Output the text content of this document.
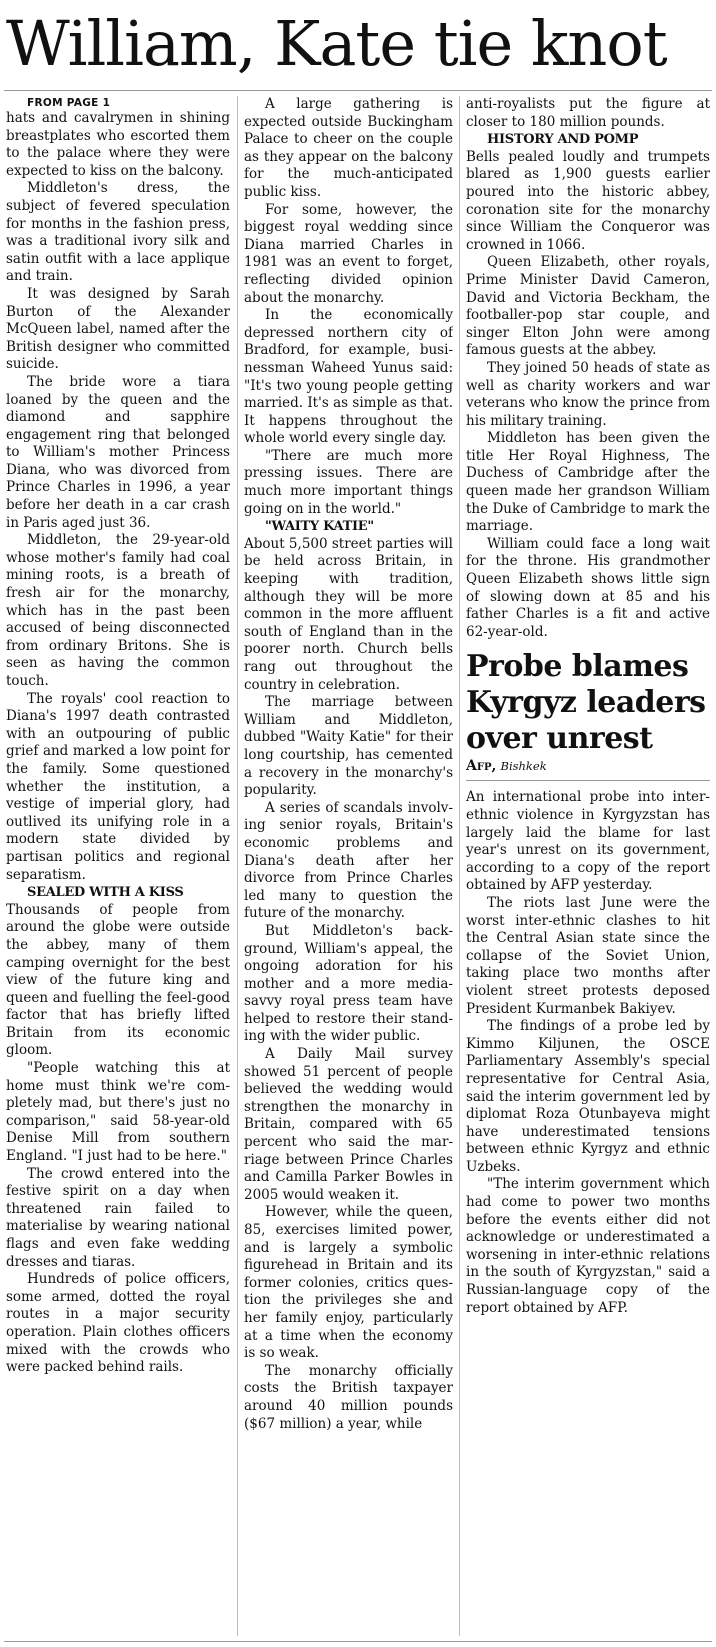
William, Kate tie knot

FROM PAGE 1

hats and cavalrymen in shining breastplates who escorted them to the palace where they were expected to kiss on the balcony.

Middleton's dress, the subject of fevered speculation for months in the fashion press, was a traditional ivory silk and satin outfit with a lace applique and train.

It was designed by Sarah Burton of the Alexander McQueen label, named after the British designer who committed suicide.

The bride wore a tiara loaned by the queen and the diamond and sapphire engagement ring that belonged to William's mother Princess Diana, who was divorced from Prince Charles in 1996, a year before her death in a car crash in Paris aged just 36.

Middleton, the 29-year-old whose mother's family had coal mining roots, is a breath of fresh air for the monarchy, which has in the past been accused of being disconnected from ordinary Britons. She is seen as having the common touch.

The royals' cool reaction to Diana's 1997 death contrasted with an outpouring of public grief and marked a low point for the family. Some questioned whether the institution, a vestige of imperial glory, had outlived its unifying role in a modern state divided by partisan politics and regional separatism.

SEALED WITH A KISS

Thousands of people from around the globe were outside the abbey, many of them camping overnight for the best view of the future king and queen and fuelling the feel-good factor that has briefly lifted Britain from its economic gloom.

"People watching this at home must think we're completely mad, but there's just no comparison," said 58-year-old Denise Mill from southern England. "I just had to be here."

The crowd entered into the festive spirit on a day when threatened rain failed to materialise by wearing national flags and even fake wedding dresses and tiaras.

Hundreds of police officers, some armed, dotted the royal routes in a major security operation. Plain clothes officers mixed with the crowds who were packed behind rails.

A large gathering is expected outside Buckingham Palace to cheer on the couple as they appear on the balcony for the much-anticipated public kiss.

For some, however, the biggest royal wedding since Diana married Charles in 1981 was an event to forget, reflecting divided opinion about the monarchy.

In the economically depressed northern city of Bradford, for example, businessman Waheed Yunus said: "It's two young people getting married. It's as simple as that. It happens throughout the whole world every single day.

"There are much more pressing issues. There are much more important things going on in the world."

"WAITY KATIE"

About 5,500 street parties will be held across Britain, in keeping with tradition, although they will be more common in the more affluent south of England than in the poorer north. Church bells rang out throughout the country in celebration.

The marriage between William and Middleton, dubbed "Waity Katie" for their long courtship, has cemented a recovery in the monarchy's popularity.

A series of scandals involving senior royals, Britain's economic problems and Diana's death after her divorce from Prince Charles led many to question the future of the monarchy.

But Middleton's background, William's appeal, the ongoing adoration for his mother and a more media-savvy royal press team have helped to restore their standing with the wider public.

A Daily Mail survey showed 51 percent of people believed the wedding would strengthen the monarchy in Britain, compared with 65 percent who said the marriage between Prince Charles and Camilla Parker Bowles in 2005 would weaken it.

However, while the queen, 85, exercises limited power, and is largely a symbolic figurehead in Britain and its former colonies, critics question the privileges she and her family enjoy, particularly at a time when the economy is so weak.

The monarchy officially costs the British taxpayer around 40 million pounds ($67 million) a year, while

anti-royalists put the figure at closer to 180 million pounds.

HISTORY AND POMP

Bells pealed loudly and trumpets blared as 1,900 guests earlier poured into the historic abbey, coronation site for the monarchy since William the Conqueror was crowned in 1066.

Queen Elizabeth, other royals, Prime Minister David Cameron, David and Victoria Beckham, the footballer-pop star couple, and singer Elton John were among famous guests at the abbey.

They joined 50 heads of state as well as charity workers and war veterans who know the prince from his military training.

Middleton has been given the title Her Royal Highness, The Duchess of Cambridge after the queen made her grandson William the Duke of Cambridge to mark the marriage.

William could face a long wait for the throne. His grandmother Queen Elizabeth shows little sign of slowing down at 85 and his father Charles is a fit and active 62-year-old.

Probe blames Kyrgyz leaders over unrest

Afp, Bishkek

An international probe into inter-ethnic violence in Kyrgyzstan has largely laid the blame for last year's unrest on its government, according to a copy of the report obtained by AFP yesterday.

The riots last June were the worst inter-ethnic clashes to hit the Central Asian state since the collapse of the Soviet Union, taking place two months after violent street protests deposed President Kurmanbek Bakiyev.

The findings of a probe led by Kimmo Kiljunen, the OSCE Parliamentary Assembly's special representative for Central Asia, said the interim government led by diplomat Roza Otunbayeva might have underestimated tensions between ethnic Kyrgyz and ethnic Uzbeks.

"The interim government which had come to power two months before the events either did not acknowledge or underestimated a worsening in inter-ethnic relations in the south of Kyrgyzstan," said a Russian-language copy of the report obtained by AFP.
